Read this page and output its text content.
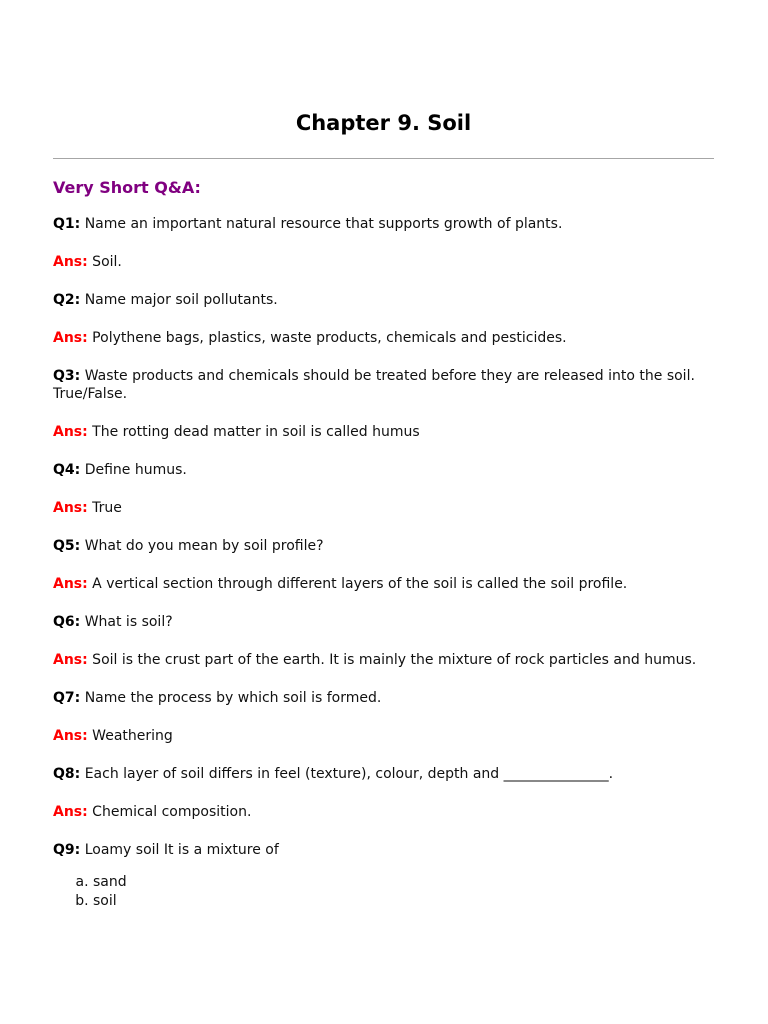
Chapter 9. Soil
Very Short Q&A:

Q1: Name an important natural resource that supports growth of plants.

Ans: Soil.

Q2: Name major soil pollutants.

Ans: Polythene bags, plastics, waste products, chemicals and pesticides.

Q3: Waste products and chemicals should be treated before they are released into the soil. True/False.

Ans: The rotting dead matter in soil is called humus

Q4: Define humus.

Ans: True

Q5: What do you mean by soil profile?

Ans: A vertical section through different layers of the soil is called the soil profile.

Q6: What is soil?

Ans: Soil is the crust part of the earth. It is mainly the mixture of rock particles and humus.

Q7: Name the process by which soil is formed.

Ans: Weathering

Q8: Each layer of soil differs in feel (texture), colour, depth and _______________.

Ans: Chemical composition.

Q9: Loamy soil It is a mixture of

a. sand
b. soil
